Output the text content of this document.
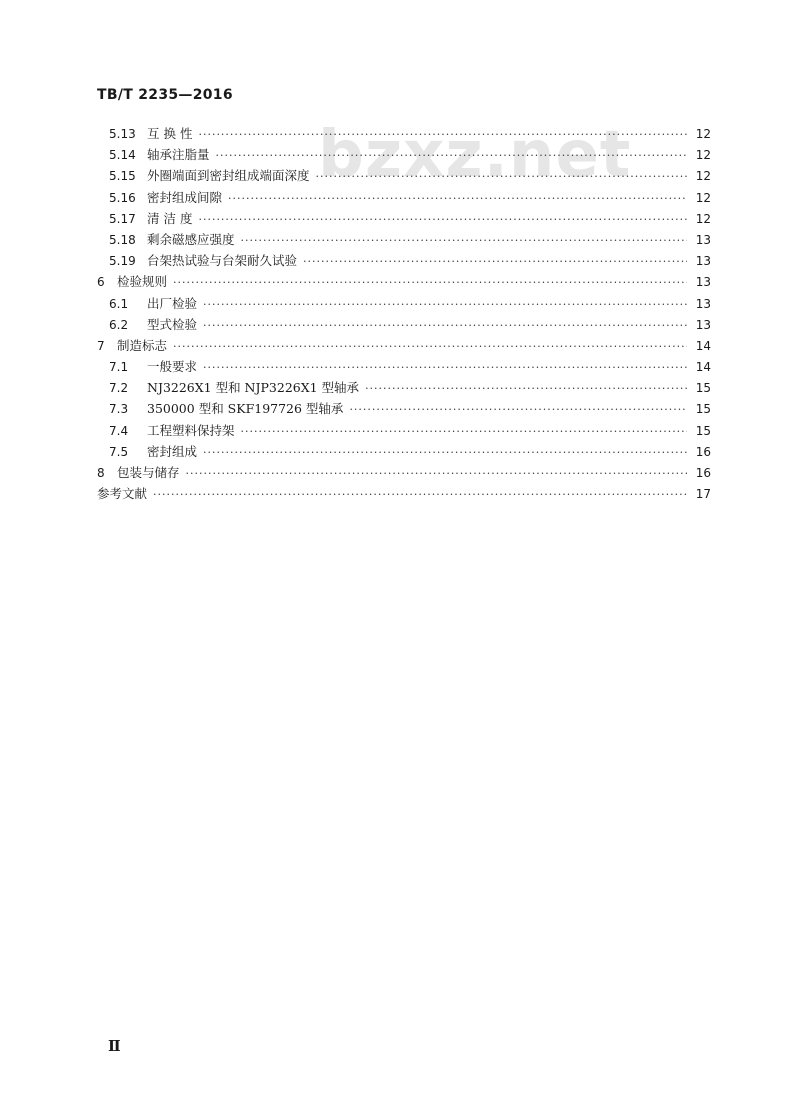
TB/T 2235—2016
bzxz.net
5.13 互 换 性 ·····	12
5.14 轴承注脂量 ·····	12
5.15 外圈端面到密封组成端面深度 ·····	12
5.16 密封组成间隙 ·····	12
5.17 清 洁 度 ·····	12
5.18 剩余磁感应强度 ·····	13
5.19 台架热试验与台架耐久试验 ·····	13
6 检验规则 ·····	13
6.1	出厂检验 ·····	13
6.2	型式检验 ·····	13
7 制造标志 ·····	14
7.1	一般要求 ·····	14
7.2	NJ3226X1 型和 NJP3226X1 型轴承 ·····	15
7.3	350000 型和 SKF197726 型轴承 ·····	15
7.4	工程塑料保持架 ·····	15
7.5	密封组成 ·····	16
8 包装与储存 ·····	16
参考文献 ·····	17
Ⅱ
